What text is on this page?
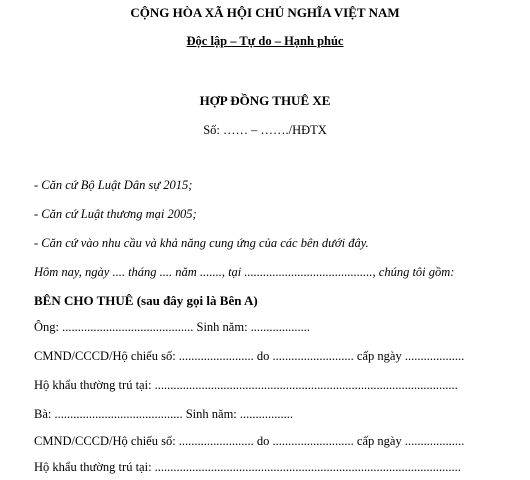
CỘNG HÒA XÃ HỘI CHỦ NGHĨA VIỆT NAM
Độc lập – Tự do – Hạnh phúc
HỢP ĐỒNG THUÊ XE
Số: …… – ……./HĐTX
- Căn cứ Bộ Luật Dân sự 2015;
- Căn cứ Luật thương mại 2005;
- Căn cứ vào nhu cầu và khả năng cung ứng của các bên dưới đây.
Hôm nay, ngày .... tháng .... năm ......., tại ........................................., chúng tôi gồm:
BÊN CHO THUÊ (sau đây gọi là Bên A)
Ông: .......................................... Sinh năm: ...................
CMND/CCCD/Hộ chiếu số: ........................ do .......................... cấp ngày ...................
Hộ khẩu thường trú tại: .................................................................................................
Bà: ......................................... Sinh năm: .................
CMND/CCCD/Hộ chiếu số: ........................ do .......................... cấp ngày ...................
Hộ khẩu thường trú tại: ..................................................................................................
